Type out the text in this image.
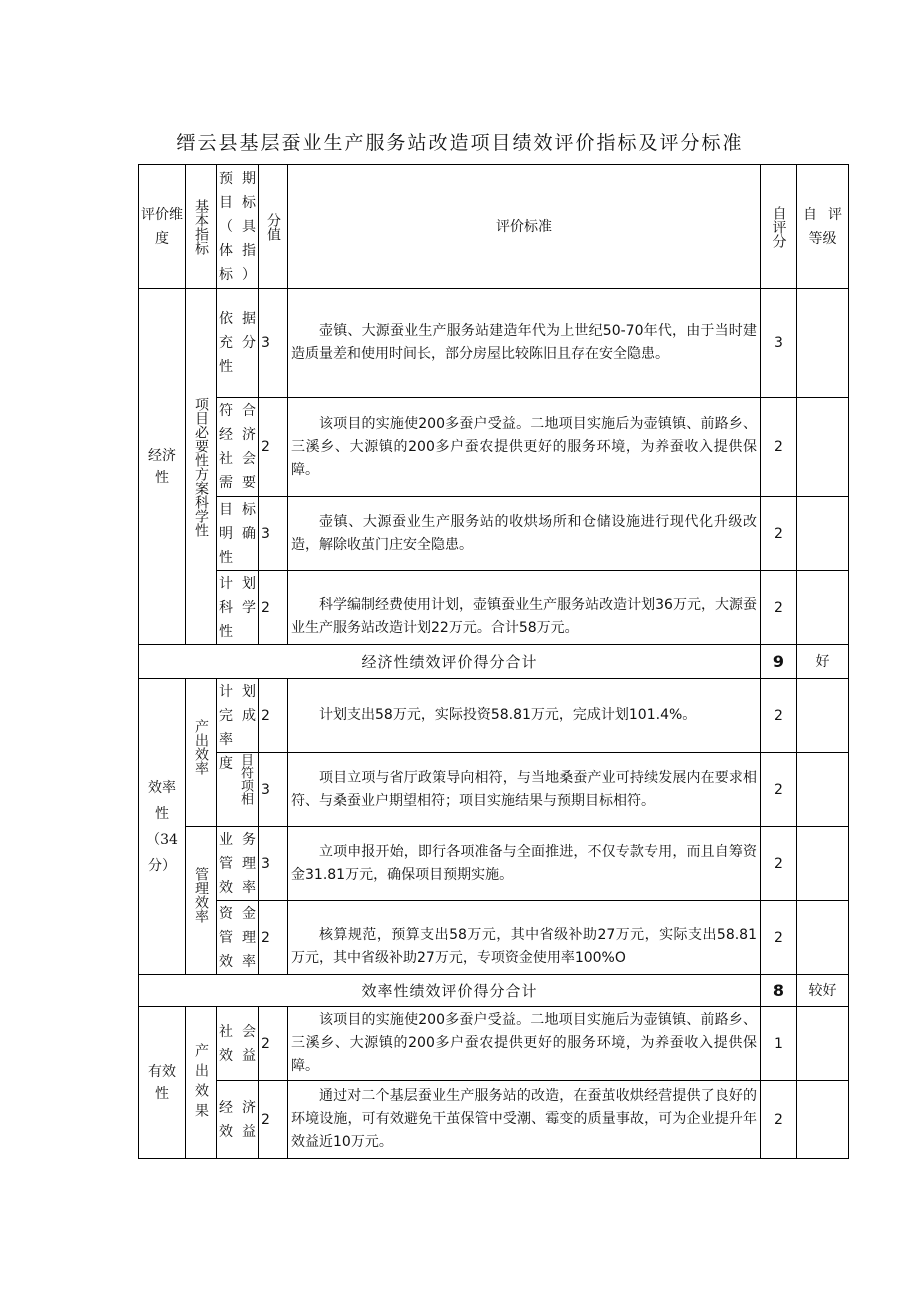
缙云县基层蚕业生产服务站改造项目绩效评价指标及评分标准
评价维度	基本指标	预期目标（具体指标）	分值	评价标准	自评分	自评等级
经济性	项目必要性方案科学性	依据充分性	3	壶镇、大源蚕业生产服务站建造年代为上世纪50-70年代，由于当时建造质量差和使用时间长，部分房屋比较陈旧且存在安全隐患。	3	
		符合经济社会需要	2	该项目的实施使200多蚕户受益。二地项目实施后为壶镇镇、前路乡、三溪乡、大源镇的200多户蚕农提供更好的服务环境，为养蚕收入提供保障。	2	
		目标明确性	3	壶镇、大源蚕业生产服务站的收烘场所和仓储设施进行现代化升级改造，解除收茧门庄安全隐患。	2	
		计划科学性	2	科学编制经费使用计划，壶镇蚕业生产服务站改造计划36万元，大源蚕业生产服务站改造计划22万元。合计58万元。	2	
经济性绩效评价得分合计					9	好
效率性（34分）	产出效率	计划完成率	2	计划支出58万元，实际投资58.81万元，完成计划101.4%。	2	

		度 目符项相	3	项目立项与省厅政策导向相符，与当地桑蚕产业可持续发展内在要求相符、与桑蚕业户期望相符；项目实施结果与预期目标相符。	2	

	管理效率	业务管理效率	3	立项申报开始，即行各项准备与全面推进，不仅专款专用，而且自筹资金31.81万元，确保项目预期实施。	2	
		资金管理效率	2	核算规范，预算支出58万元，其中省级补助27万元，实际支出58.81万元，其中省级补助27万元，专项资金使用率100%O	2	
效率性绩效评价得分合计					8	较好
有效性	产出效果	社会效益	2	该项目的实施使200多蚕户受益。二地项目实施后为壶镇镇、前路乡、三溪乡、大源镇的200多户蚕农提供更好的服务环境，为养蚕收入提供保障。	1	
		经济效益	2	通过对二个基层蚕业生产服务站的改造，在蚕茧收烘经营提供了良好的环境设施，可有效避免干茧保管中受潮、霉变的质量事故，可为企业提升年效益近10万元。	2	
